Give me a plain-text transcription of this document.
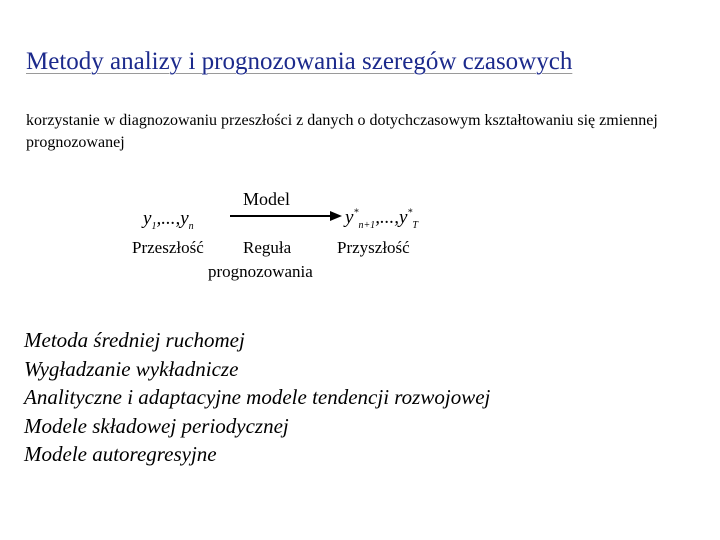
Metody analizy i prognozowania szeregów czasowych
korzystanie w diagnozowaniu przeszłości z danych o dotychczasowym kształtowaniu się zmiennej prognozowanej
Model
$y_1,...,y_n$	$y^*_{n+1},...,y^*_T$
Przeszłość Reguła
prognozowania
Przyszłość
Metoda średniej ruchomej
Wygładzanie wykładnicze
Analityczne i adaptacyjne modele tendencji rozwojowej
Modele składowej periodycznej
Modele autoregresyjne
